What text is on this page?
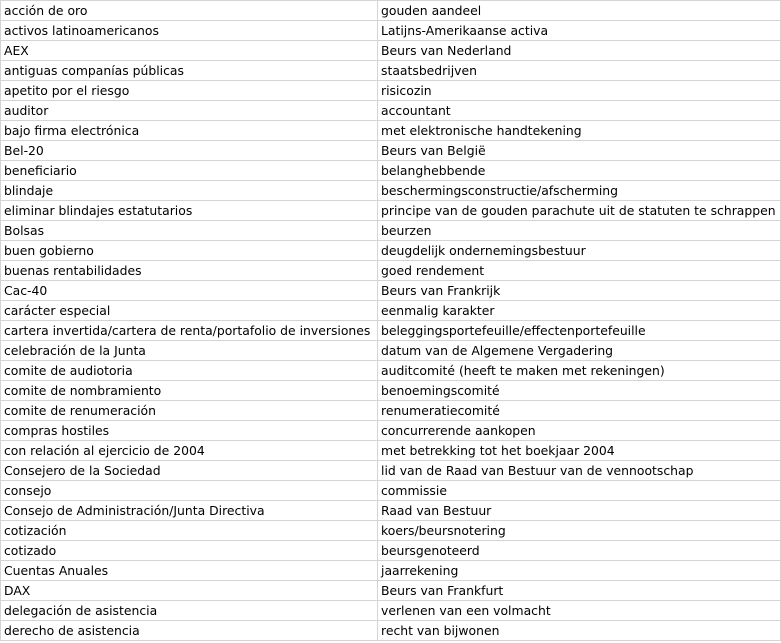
acción de oro	gouden aandeel
activos latinoamericanos	Latijns-Amerikaanse activa
AEX	Beurs van Nederland
antiguas companías públicas	staatsbedrijven
apetito por el riesgo	risicozin
auditor	accountant
bajo firma electrónica	met elektronische handtekening
Bel-20	Beurs van België
beneficiario	belanghebbende
blindaje	beschermingsconstructie/afscherming
eliminar blindajes estatutarios	principe van de gouden parachute uit de statuten te schrappen
Bolsas	beurzen
buen gobierno	deugdelijk ondernemingsbestuur
buenas rentabilidades	goed rendement
Cac-40	Beurs van Frankrijk
carácter especial	eenmalig karakter
cartera invertida/cartera de renta/portafolio de inversiones	beleggingsportefeuille/effectenportefeuille
celebración de la Junta	datum van de Algemene Vergadering
comite de audiotoria	auditcomité (heeft te maken met rekeningen)
comite de nombramiento	benoemingscomité
comite de renumeración	renumeratiecomité
compras hostiles	concurrerende aankopen
con relación al ejercicio de 2004	met betrekking tot het boekjaar 2004
Consejero de la Sociedad	lid van de Raad van Bestuur van de vennootschap
consejo	commissie
Consejo de Administración/Junta Directiva	Raad van Bestuur
cotización	koers/beursnotering
cotizado	beursgenoteerd
Cuentas Anuales	jaarrekening
DAX	Beurs van Frankfurt
delegación de asistencia	verlenen van een volmacht
derecho de asistencia	recht van bijwonen
